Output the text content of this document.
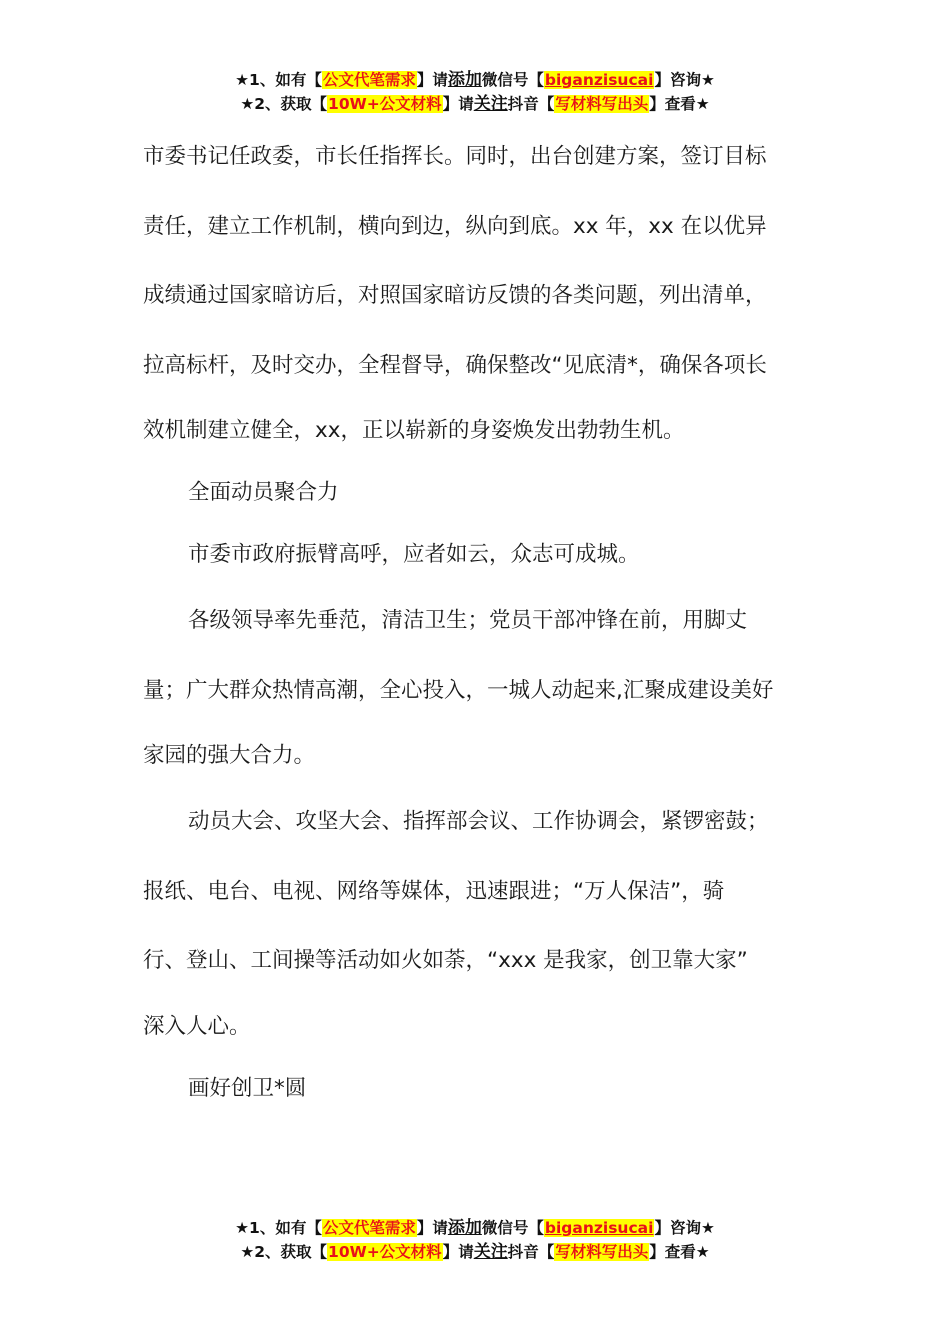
★1、如有【公文代笔需求】请添加微信号【biganzisucai】咨询★
★2、获取【10W+公文材料】请关注抖音【写材料写出头】查看★

市委书记任政委，市长任指挥长。同时，出台创建方案，签订目标

责任，建立工作机制，横向到边，纵向到底。xx 年，xx 在以优异

成绩通过国家暗访后，对照国家暗访反馈的各类问题，列出清单，

拉高标杆，及时交办，全程督导，确保整改“见底清*，确保各项长

效机制建立健全，xx，正以崭新的身姿焕发出勃勃生机。

全面动员聚合力

市委市政府振臂高呼，应者如云，众志可成城。

各级领导率先垂范，清洁卫生；党员干部冲锋在前，用脚丈

量；广大群众热情高潮，全心投入，一城人动起来,汇聚成建设美好

家园的强大合力。

动员大会、攻坚大会、指挥部会议、工作协调会，紧锣密鼓；

报纸、电台、电视、网络等媒体，迅速跟进；“万人保洁”，骑

行、登山、工间操等活动如火如荼，“xxx 是我家，创卫靠大家”

深入人心。

画好创卫*圆

★1、如有【公文代笔需求】请添加微信号【biganzisucai】咨询★
★2、获取【10W+公文材料】请关注抖音【写材料写出头】查看★
